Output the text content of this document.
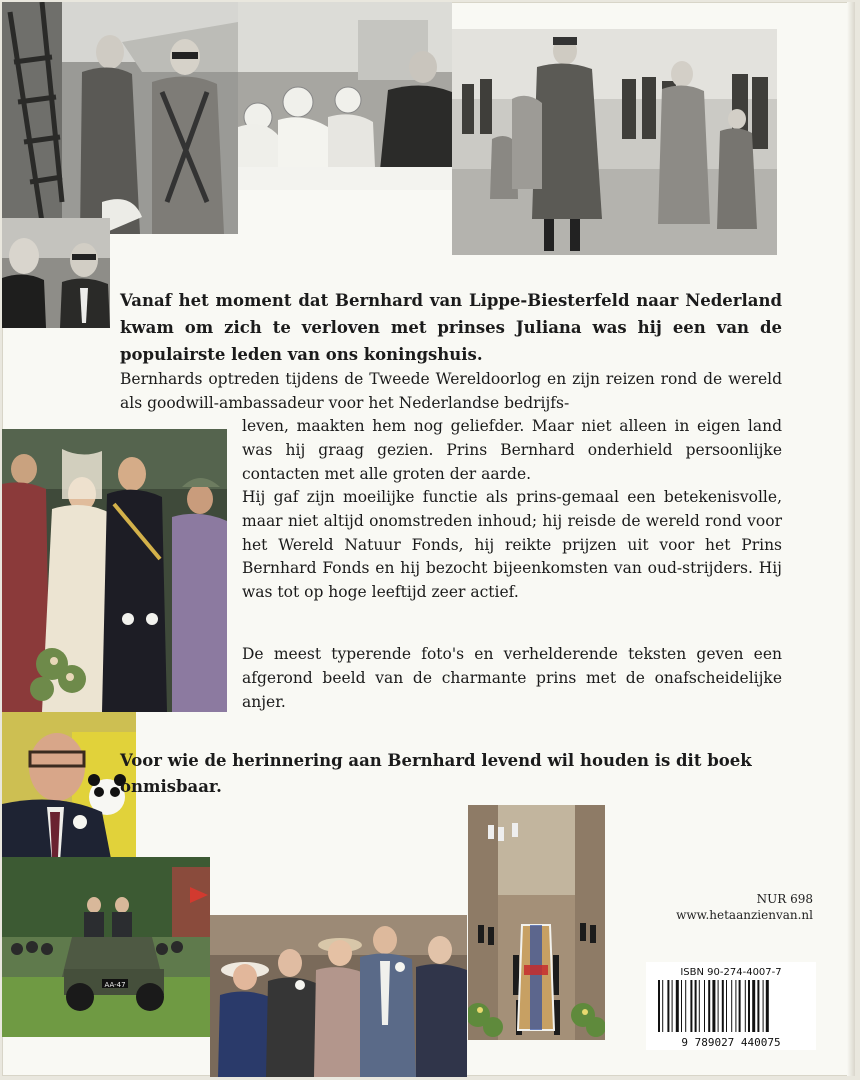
AA-47
Vanaf het moment dat Bernhard van Lippe-Biesterfeld naar Nederland kwam om zich te verloven met prinses Juliana was hij een van de populairste leden van ons koningshuis.
Bernhards optreden tijdens de Tweede Wereldoorlog en zijn reizen rond de wereld als goodwill-ambassadeur voor het Nederlandse bedrijfs-
leven, maakten hem nog geliefder. Maar niet alleen in eigen land was hij graag gezien. Prins Bernhard onderhield persoonlijke contacten met alle groten der aarde.
Hij gaf zijn moeilijke functie als prins-gemaal een betekenisvolle, maar niet altijd onomstreden inhoud; hij reisde de wereld rond voor het Wereld Natuur Fonds, hij reikte prijzen uit voor het Prins Bernhard Fonds en hij bezocht bijeenkomsten van oud-strijders. Hij was tot op hoge leeftijd zeer actief.
De meest typerende foto's en verhelderende teksten geven een afgerond beeld van de charmante prins met de onafscheidelijke anjer.
Voor wie de herinnering aan Bernhard levend wil houden is dit boek onmisbaar.
NUR 698
www.hetaanzienvan.nl
ISBN 90-274-4007-7
9 789027 440075
